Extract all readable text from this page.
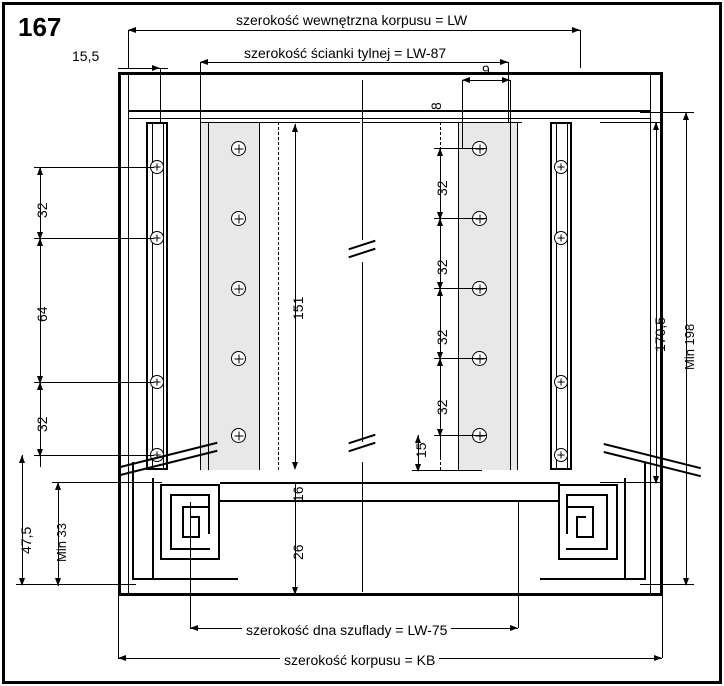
167	szerokość wewnętrzna korpusu = LW
szerokość ścianki tylnej = LW-87
15,5
32
64
32
47,5 Min 33
151
16
26
8
9
32
32
32
32
15
170,5 Min 198
szerokość dna szuflady = LW-75
szerokość korpusu = KB
